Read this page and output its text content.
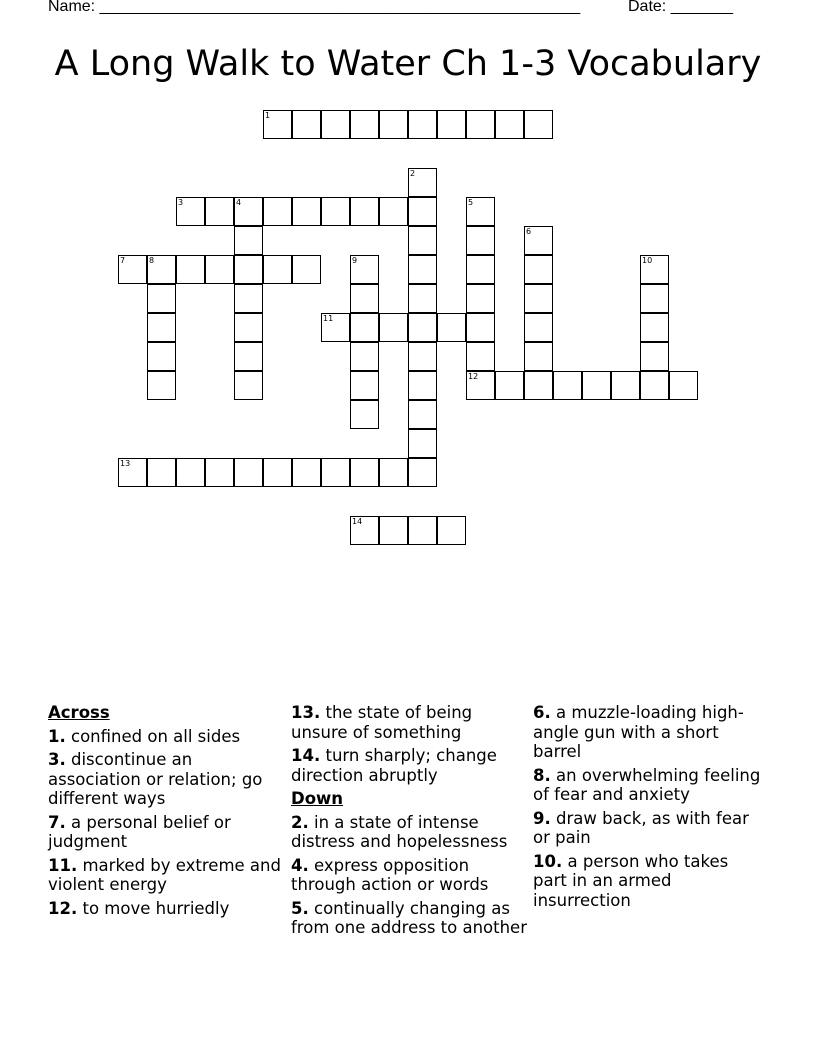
Name: ______________________________________________________	Date: _______
A Long Walk to Water Ch 1-3 Vocabulary
1
2
3	4	5
12
6
7	8	9	10
11
13
14
Across
1. confined on all sides
3. discontinue an association or relation; go different ways
7. a personal belief or judgment
11. marked by extreme and violent energy
12. to move hurriedly
13. the state of being unsure of something
14. turn sharply; change direction abruptly
Down
2. in a state of intense distress and hopelessness
4. express opposition through action or words
5. continually changing as from one address to another
6. a muzzle-loading high-angle gun with a short barrel
8. an overwhelming feeling of fear and anxiety
9. draw back, as with fear or pain
10. a person who takes part in an armed insurrection
